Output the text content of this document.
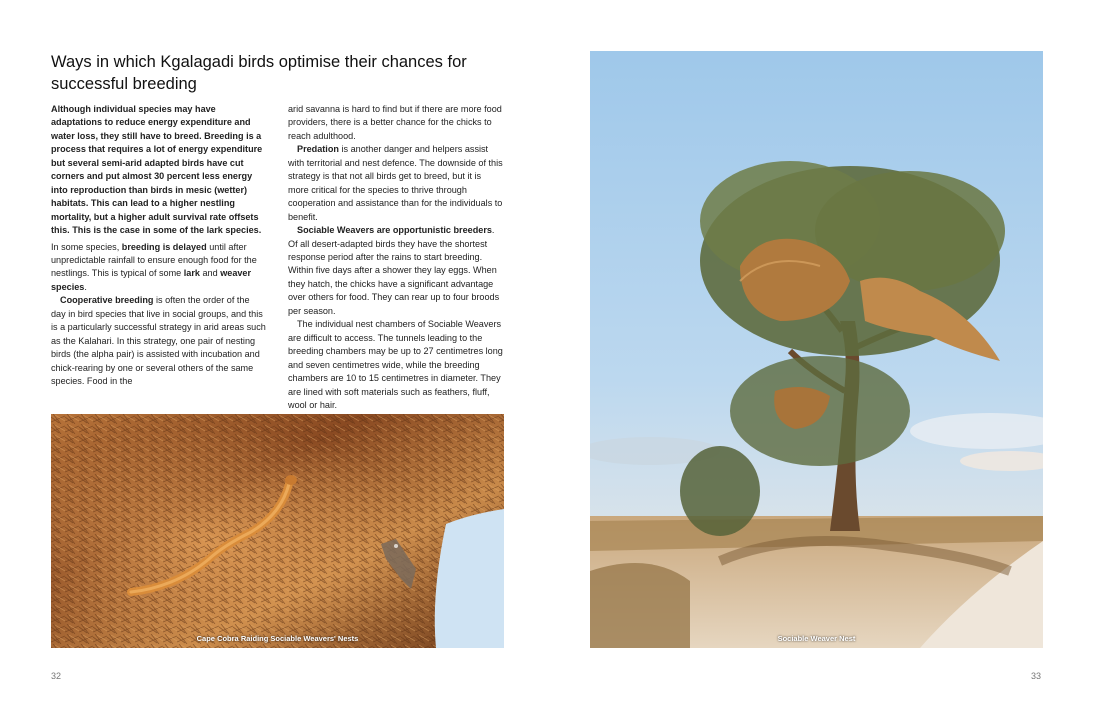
Ways in which Kgalagadi birds optimise their chances for successful breeding

Although individual species may have adaptations to reduce energy expenditure and water loss, they still have to breed. Breeding is a process that requires a lot of energy expenditure but several semi-arid adapted birds have cut corners and put almost 30 percent less energy into reproduction than birds in mesic (wetter) habitats. This can lead to a higher nestling mortality, but a higher adult survival rate offsets this. This is the case in some of the lark species.

In some species, breeding is delayed until after unpredictable rainfall to ensure enough food for the nestlings. This is typical of some lark and weaver species.

Cooperative breeding is often the order of the day in bird species that live in social groups, and this is a particularly successful strategy in arid areas such as the Kalahari. In this strategy, one pair of nesting birds (the alpha pair) is assisted with incubation and chick-rearing by one or several others of the same species. Food in the

arid savanna is hard to find but if there are more food providers, there is a better chance for the chicks to reach adulthood.

Predation is another danger and helpers assist with territorial and nest defence. The downside of this strategy is that not all birds get to breed, but it is more critical for the species to thrive through cooperation and assistance than for the individuals to benefit.

Sociable Weavers are opportunistic breeders. Of all desert-adapted birds they have the shortest response period after the rains to start breeding. Within five days after a shower they lay eggs. When they hatch, the chicks have a significant advantage over others for food. They can rear up to four broods per season.

The individual nest chambers of Sociable Weavers are difficult to access. The tunnels leading to the breeding chambers may be up to 27 centimetres long and seven centimetres wide, while the breeding chambers are 10 to 15 centimetres in diameter. They are lined with soft materials such as feathers, fluff, wool or hair.

Cape Cobra Raiding Sociable Weavers' Nests	Sociable Weaver Nest
32	33
